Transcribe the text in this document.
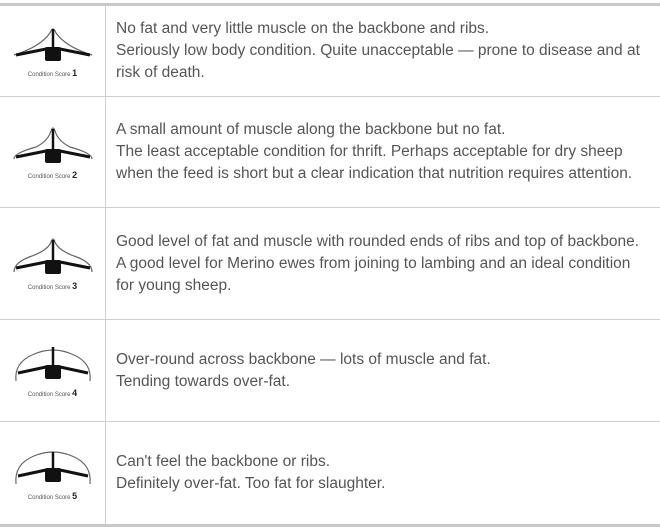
Condition Score 1
No fat and very little muscle on the backbone and ribs.
Seriously low body condition. Quite unacceptable — prone to disease and at risk of death.
Condition Score 2
A small amount of muscle along the backbone but no fat.
The least acceptable condition for thrift. Perhaps acceptable for dry sheep when the feed is short but a clear indication that nutrition requires attention.
Condition Score 3
Good level of fat and muscle with rounded ends of ribs and top of backbone.
A good level for Merino ewes from joining to lambing and an ideal condition for young sheep.
Condition Score 4
Over-round across backbone — lots of muscle and fat.
Tending towards over-fat.
Condition Score 5
Can't feel the backbone or ribs.
Definitely over-fat. Too fat for slaughter.
